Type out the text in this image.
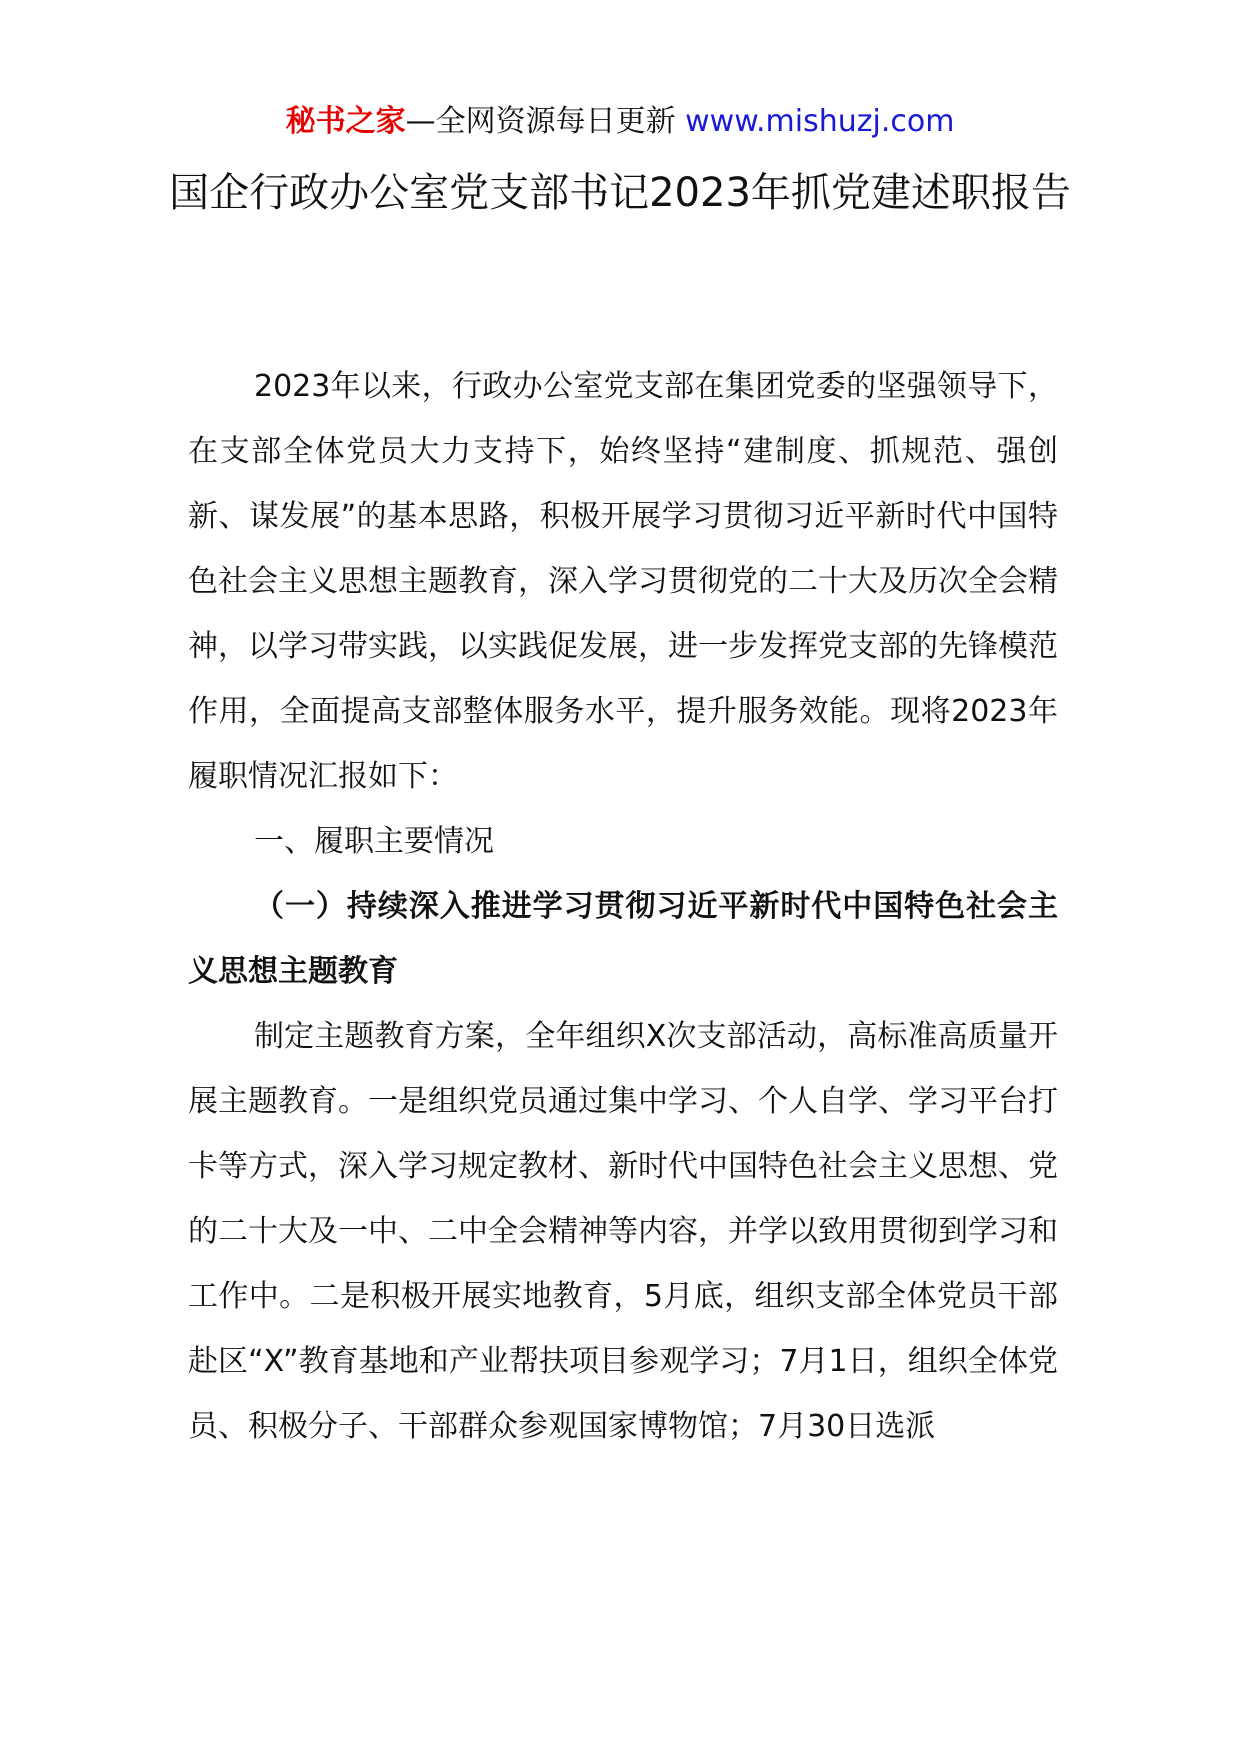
秘书之家—全网资源每日更新 www.mishuzj.com
国企行政办公室党支部书记2023年抓党建述职报告

2023年以来，行政办公室党支部在集团党委的坚强领导下，在支部全体党员大力支持下，始终坚持“建制度、抓规范、强创新、谋发展”的基本思路，积极开展学习贯彻习近平新时代中国特色社会主义思想主题教育，深入学习贯彻党的二十大及历次全会精神，以学习带实践，以实践促发展，进一步发挥党支部的先锋模范作用，全面提高支部整体服务水平，提升服务效能。现将2023年履职情况汇报如下：

一、履职主要情况

（一）持续深入推进学习贯彻习近平新时代中国特色社会主义思想主题教育

制定主题教育方案，全年组织X次支部活动，高标准高质量开展主题教育。一是组织党员通过集中学习、个人自学、学习平台打卡等方式，深入学习规定教材、新时代中国特色社会主义思想、党的二十大及一中、二中全会精神等内容，并学以致用贯彻到学习和工作中。二是积极开展实地教育，5月底，组织支部全体党员干部赴区“X”教育基地和产业帮扶项目参观学习；7月1日，组织全体党员、积极分子、干部群众参观国家博物馆；7月30日选派
